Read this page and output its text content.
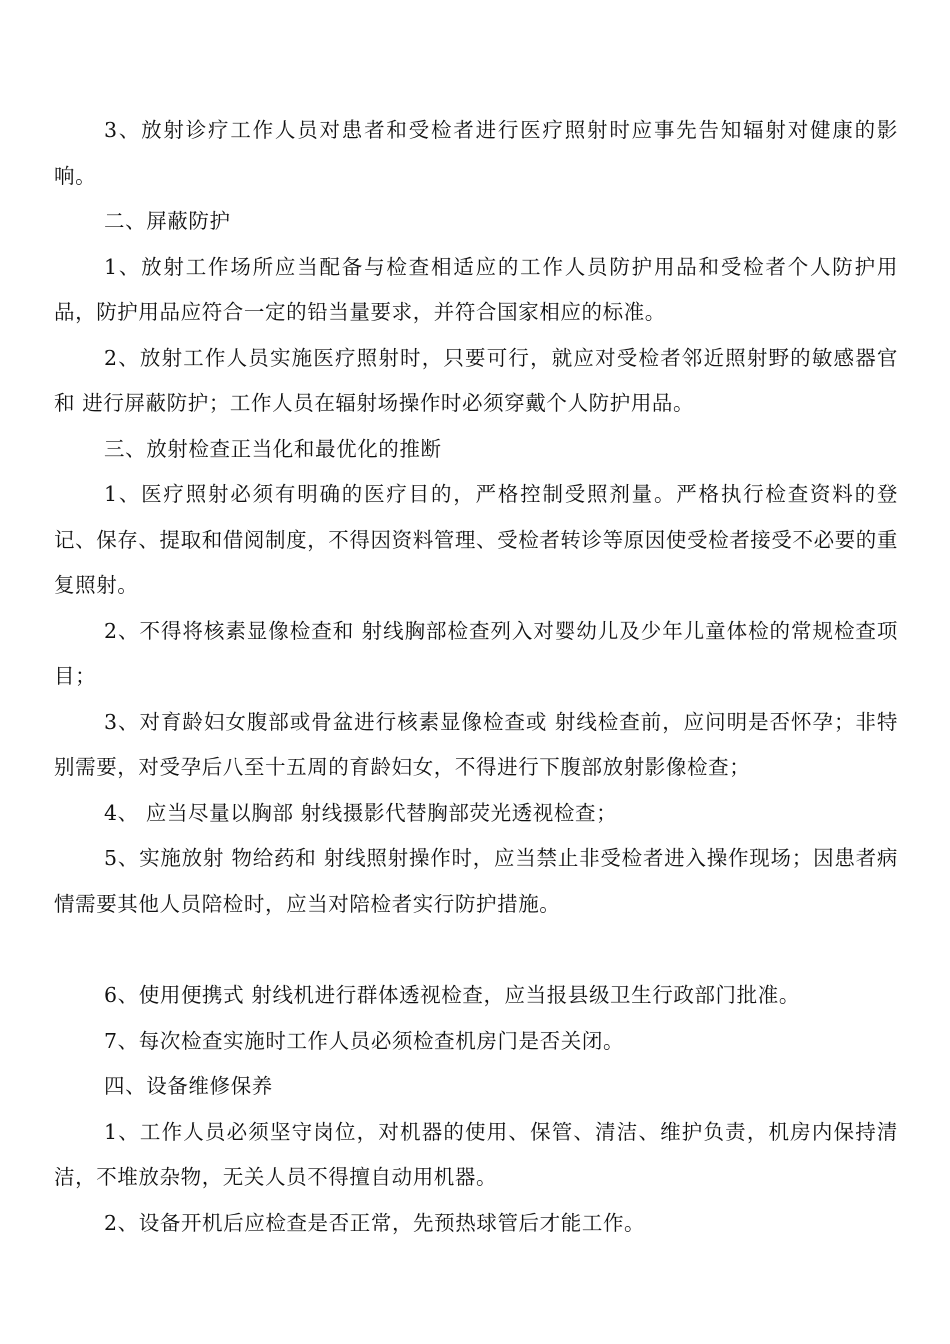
3、放射诊疗工作人员对患者和受检者进行医疗照射时应事先告知辐射对健康的影响。

二、屏蔽防护

1、放射工作场所应当配备与检查相适应的工作人员防护用品和受检者个人防护用品，防护用品应符合一定的铅当量要求，并符合国家相应的标准。

2、放射工作人员实施医疗照射时，只要可行，就应对受检者邻近照射野的敏感器官和 进行屏蔽防护；工作人员在辐射场操作时必须穿戴个人防护用品。

三、放射检查正当化和最优化的推断

1、医疗照射必须有明确的医疗目的，严格控制受照剂量。严格执行检查资料的登记、保存、提取和借阅制度，不得因资料管理、受检者转诊等原因使受检者接受不必要的重复照射。

2、不得将核素显像检查和 射线胸部检查列入对婴幼儿及少年儿童体检的常规检查项目；

3、对育龄妇女腹部或骨盆进行核素显像检查或 射线检查前，应问明是否怀孕；非特别需要，对受孕后八至十五周的育龄妇女，不得进行下腹部放射影像检查；

4、 应当尽量以胸部 射线摄影代替胸部荧光透视检查；

5、实施放射 物给药和 射线照射操作时，应当禁止非受检者进入操作现场；因患者病情需要其他人员陪检时，应当对陪检者实行防护措施。

6、使用便携式 射线机进行群体透视检查，应当报县级卫生行政部门批准。

7、每次检查实施时工作人员必须检查机房门是否关闭。

四、设备维修保养

1、工作人员必须坚守岗位，对机器的使用、保管、清洁、维护负责，机房内保持清洁，不堆放杂物，无关人员不得擅自动用机器。

2、设备开机后应检查是否正常，先预热球管后才能工作。
